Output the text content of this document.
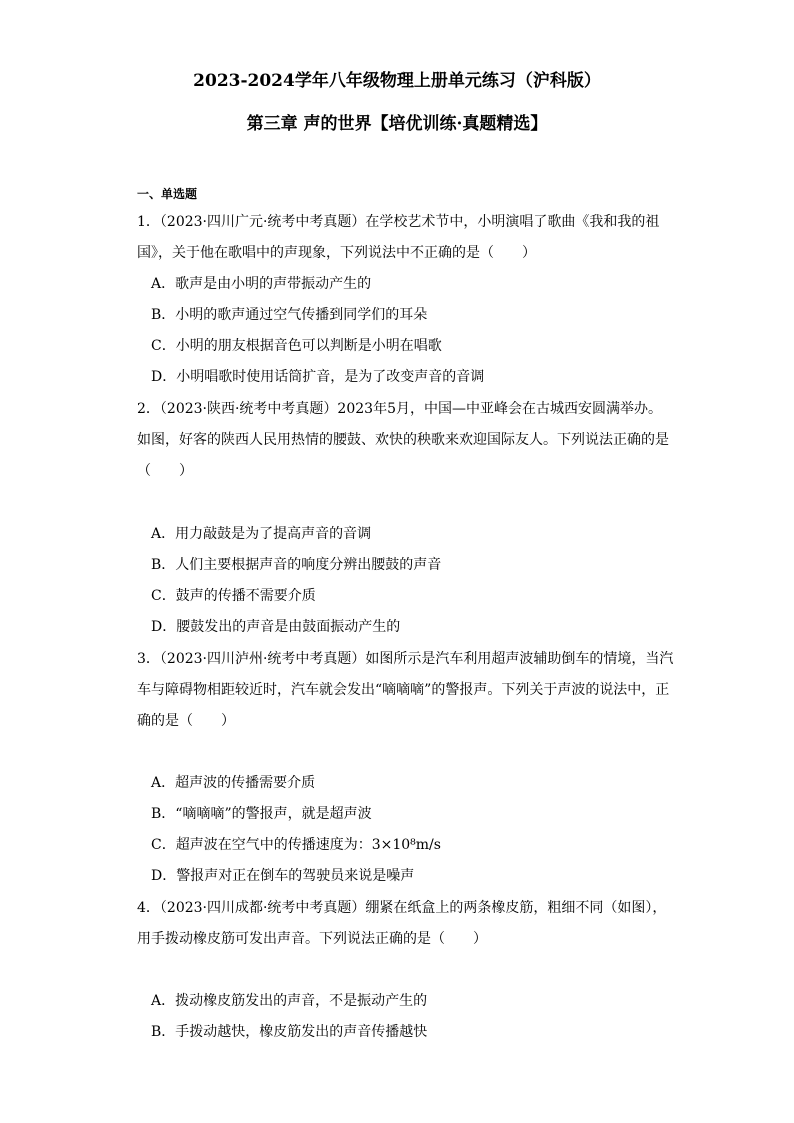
2023-2024学年八年级物理上册单元练习（沪科版）
第三章 声的世界【培优训练·真题精选】
一、单选题
1．（2023·四川广元·统考中考真题）在学校艺术节中，小明演唱了歌曲《我和我的祖
国》，关于他在歌唱中的声现象，下列说法中不正确的是（　　）
A．歌声是由小明的声带振动产生的
B．小明的歌声通过空气传播到同学们的耳朵
C．小明的朋友根据音色可以判断是小明在唱歌
D．小明唱歌时使用话筒扩音，是为了改变声音的音调
2．（2023·陕西·统考中考真题）2023年5月，中国—中亚峰会在古城西安圆满举办。
如图，好客的陕西人民用热情的腰鼓、欢快的秧歌来欢迎国际友人。下列说法正确的是
（　　）
A．用力敲鼓是为了提高声音的音调
B．人们主要根据声音的响度分辨出腰鼓的声音
C．鼓声的传播不需要介质
D．腰鼓发出的声音是由鼓面振动产生的
3．（2023·四川泸州·统考中考真题）如图所示是汽车利用超声波辅助倒车的情境，当汽
车与障碍物相距较近时，汽车就会发出“嘀嘀嘀”的警报声。下列关于声波的说法中，正
确的是（　　）
A．超声波的传播需要介质
B．“嘀嘀嘀”的警报声，就是超声波
C．超声波在空气中的传播速度为：3×10⁸m/s
D．警报声对正在倒车的驾驶员来说是噪声
4．（2023·四川成都·统考中考真题）绷紧在纸盒上的两条橡皮筋，粗细不同（如图），
用手拨动橡皮筋可发出声音。下列说法正确的是（　　）
A．拨动橡皮筋发出的声音，不是振动产生的
B．手拨动越快，橡皮筋发出的声音传播越快
